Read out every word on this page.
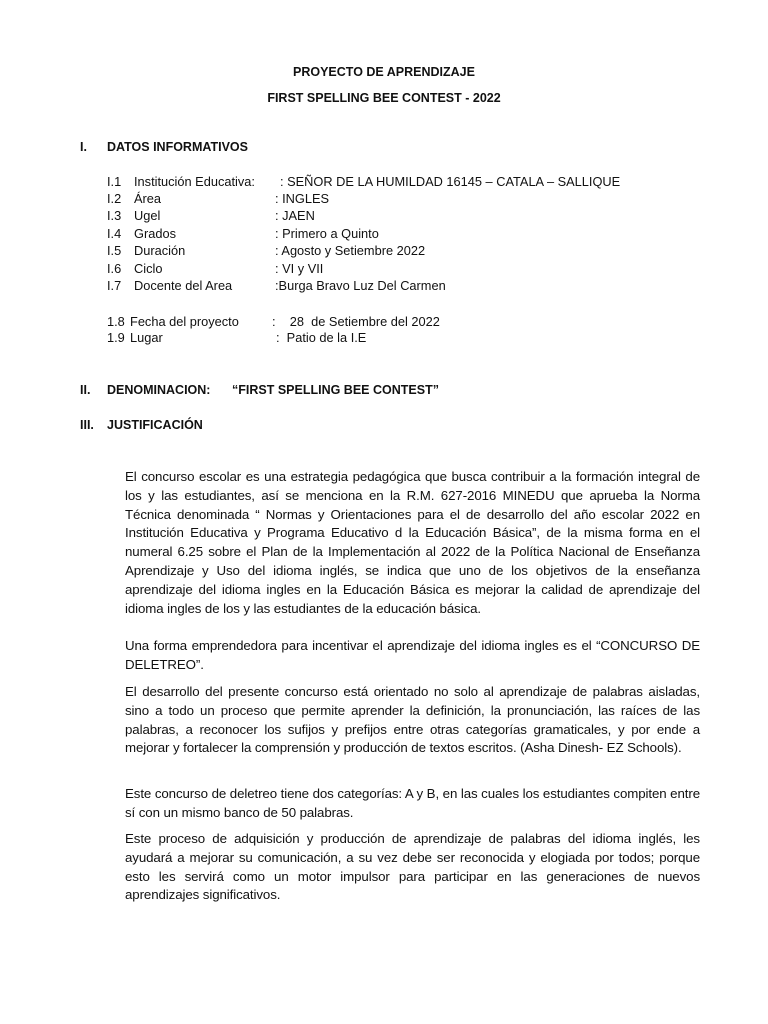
PROYECTO DE APRENDIZAJE
FIRST SPELLING BEE CONTEST - 2022
I. DATOS INFORMATIVOS
I.1 Institución Educativa: : SEÑOR DE LA HUMILDAD 16145 – CATALA – SALLIQUE
I.2 Área	: INGLES
I.3 Ugel	: JAEN
I.4 Grados	: Primero a Quinto
I.5 Duración	: Agosto y Setiembre 2022
I.6 Ciclo	: VI y VII
I.7 Docente del Area	:Burga Bravo Luz Del Carmen
1.8 Fecha del proyecto	:    28  de Setiembre del 2022
1.9 Lugar	:  Patio de la I.E
II. DENOMINACION: “FIRST SPELLING BEE CONTEST”
III. JUSTIFICACIÓN

El concurso escolar es una estrategia pedagógica que busca contribuir a la formación integral de los y las estudiantes, así se menciona en la R.M. 627-2016 MINEDU que aprueba la Norma Técnica denominada “ Normas y Orientaciones para el de desarrollo del año escolar 2022 en Institución Educativa y Programa Educativo d la Educación Básica”, de la misma forma en el numeral 6.25 sobre el Plan de la Implementación al 2022 de la Política Nacional de Enseñanza Aprendizaje y Uso del idioma inglés, se indica que uno de los objetivos de la enseñanza aprendizaje del idioma ingles en la Educación Básica es mejorar la calidad de aprendizaje del idioma ingles de los y las estudiantes de la educación básica.

Una forma emprendedora para incentivar el aprendizaje del idioma ingles es el “CONCURSO DE DELETREO”.

El desarrollo del presente concurso está orientado no solo al aprendizaje de palabras aisladas, sino a todo un proceso que permite aprender la definición, la pronunciación, las raíces de las palabras, a reconocer los sufijos y prefijos entre otras categorías gramaticales, y por ende a mejorar y fortalecer la comprensión y producción de textos escritos. (Asha Dinesh- EZ Schools).

Este concurso de deletreo tiene dos categorías: A y B, en las cuales los estudiantes compiten entre sí con un mismo banco de 50 palabras.

Este proceso de adquisición y producción de aprendizaje de palabras del idioma inglés, les ayudará a mejorar su comunicación, a su vez debe ser reconocida y elogiada por todos; porque esto les servirá como un motor impulsor para participar en las generaciones de nuevos aprendizajes significativos.
